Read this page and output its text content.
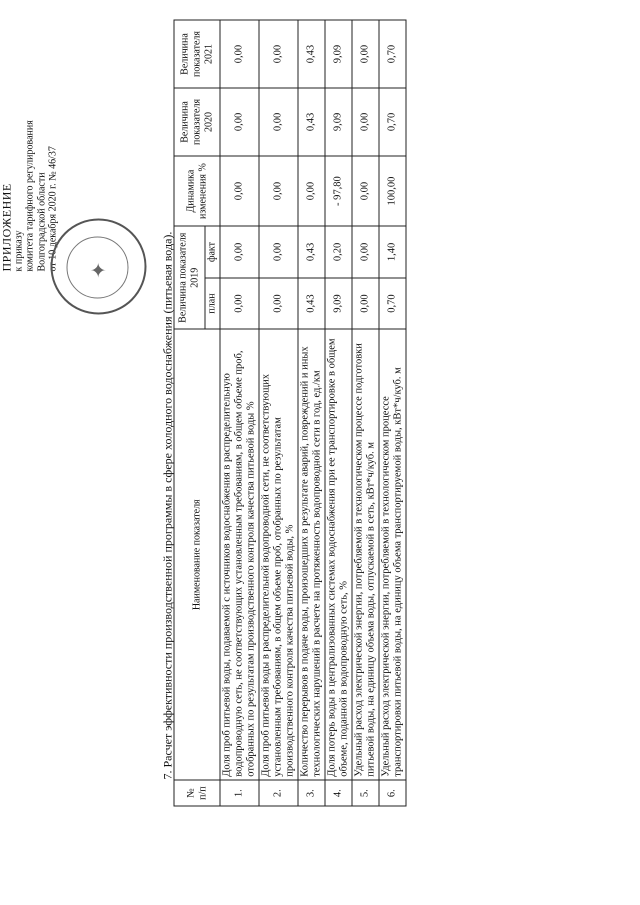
ПРИЛОЖЕНИЕ к приказу комитета тарифного регулирования Волгоградской области от 10 декабря 2020 г. № 46/37 ✦	7. Расчет эффективности производственной программы в сфере холодного водоснабжения (питьевая вода).
№ п/п	Наименование показателя	Величина показателя 2019		Динамика изменения %	Величина показателя 2020	Величина показателя 2021
		план	факт			
1.	Доля проб питьевой воды, подаваемой с источников водоснабжения в распределительную водопроводную сеть, не соответствующих установленным требованиям, в общем объеме проб, отобранных по результатам производственного контроля качества питьевой воды %	0,00	0,00	0,00	0,00	0,00
2.	Доля проб питьевой воды в распределительной водопроводной сети, не соответствующих установленным требованиям, в общем объеме проб, отобранных по результатам производственного контроля качества питьевой воды, %	0,00	0,00	0,00	0,00	0,00
3.	Количество перерывов в подаче воды, произошедших в результате аварий, повреждений и иных технологических нарушений в расчете на протяженность водопроводной сети в год, ед./км	0,43	0,43	0,00	0,43	0,43
4.	Доля потерь воды в централизованных системах водоснабжения при ее транспортировке в общем объеме, поданной в водопроводную сеть, %	9,09	0,20	- 97,80	9,09	9,09
5.	Удельный расход электрической энергии, потребляемой в технологическом процессе подготовки питьевой воды, на единицу объема воды, отпускаемой в сеть, кВт*ч/куб. м	0,00	0,00	0,00	0,00	0,00
6.	Удельный расход электрической энергии, потребляемой в технологическом процессе транспортировки питьевой воды, на единицу объема транспортируемой воды, кВт*ч/куб. м	0,70	1,40	100,00	0,70	0,70
